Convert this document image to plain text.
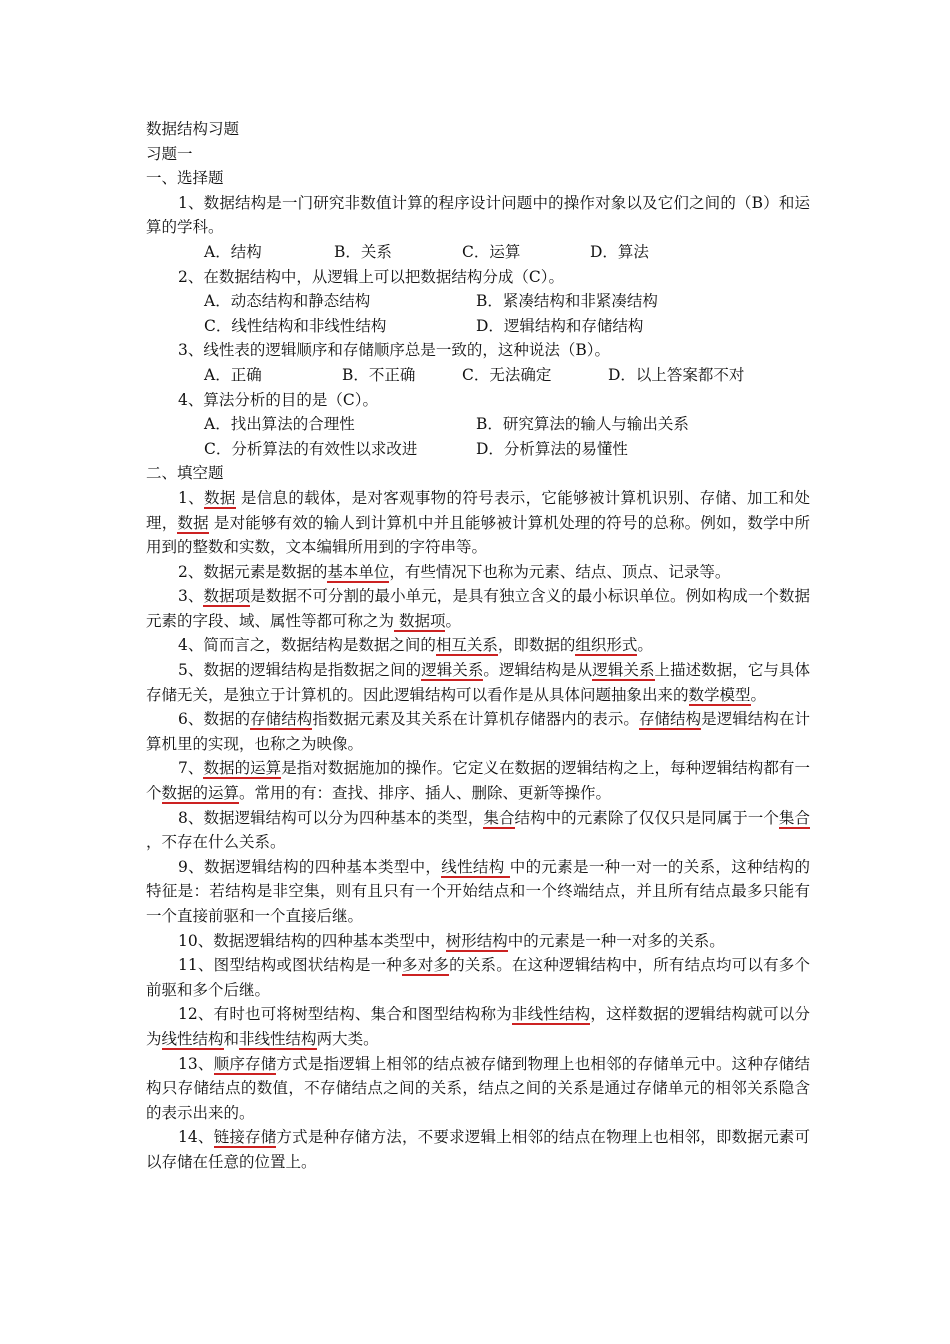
数据结构习题
习题一
一、选择题

1、数据结构是一门研究非数值计算的程序设计问题中的操作对象以及它们之间的（B）和运算的学科。

A．结构	B．关系	C．运算	D．算法
2、在数据结构中，从逻辑上可以把数据结构分成（C）。
A．动态结构和静态结构	B．紧凑结构和非紧凑结构
C．线性结构和非线性结构	D．逻辑结构和存储结构
3、线性表的逻辑顺序和存储顺序总是一致的，这种说法（B）。
A．正确	B．不正确	C．无法确定	D．以上答案都不对
4、算法分析的目的是（C）。
A．找出算法的合理性	B．研究算法的输人与输出关系
C．分析算法的有效性以求改进	D．分析算法的易懂性
二、填空题

1、数据 是信息的载体，是对客观事物的符号表示，它能够被计算机识别、存储、加工和处理，数据 是对能够有效的输人到计算机中并且能够被计算机处理的符号的总称。例如，数学中所用到的整数和实数，文本编辑所用到的字符串等。

2、数据元素是数据的基本单位，有些情况下也称为元素、结点、顶点、记录等。

3、数据项是数据不可分割的最小单元，是具有独立含义的最小标识单位。例如构成一个数据元素的字段、域、属性等都可称之为 数据项。

4、简而言之，数据结构是数据之间的相互关系，即数据的组织形式。

5、数据的逻辑结构是指数据之间的逻辑关系。逻辑结构是从逻辑关系上描述数据，它与具体存储无关，是独立于计算机的。因此逻辑结构可以看作是从具体问题抽象出来的数学模型。

6、数据的存储结构指数据元素及其关系在计算机存储器内的表示。存储结构是逻辑结构在计算机里的实现，也称之为映像。

7、数据的运算是指对数据施加的操作。它定义在数据的逻辑结构之上，每种逻辑结构都有一个数据的运算。常用的有：查找、排序、插人、删除、更新等操作。

8、数据逻辑结构可以分为四种基本的类型，集合结构中的元素除了仅仅只是同属于一个集合 ，不存在什么关系。

9、数据逻辑结构的四种基本类型中，线性结构 中的元素是一种一对一的关系，这种结构的特征是：若结构是非空集，则有且只有一个开始结点和一个终端结点，并且所有结点最多只能有一个直接前驱和一个直接后继。

10、数据逻辑结构的四种基本类型中，树形结构中的元素是一种一对多的关系。

11、图型结构或图状结构是一种多对多的关系。在这种逻辑结构中，所有结点均可以有多个前驱和多个后继。

12、有时也可将树型结构、集合和图型结构称为非线性结构，这样数据的逻辑结构就可以分为线性结构和非线性结构两大类。

13、顺序存储方式是指逻辑上相邻的结点被存储到物理上也相邻的存储单元中。这种存储结构只存储结点的数值，不存储结点之间的关系，结点之间的关系是通过存储单元的相邻关系隐含的表示出来的。

14、链接存储方式是种存储方法，不要求逻辑上相邻的结点在物理上也相邻，即数据元素可以存储在任意的位置上。
